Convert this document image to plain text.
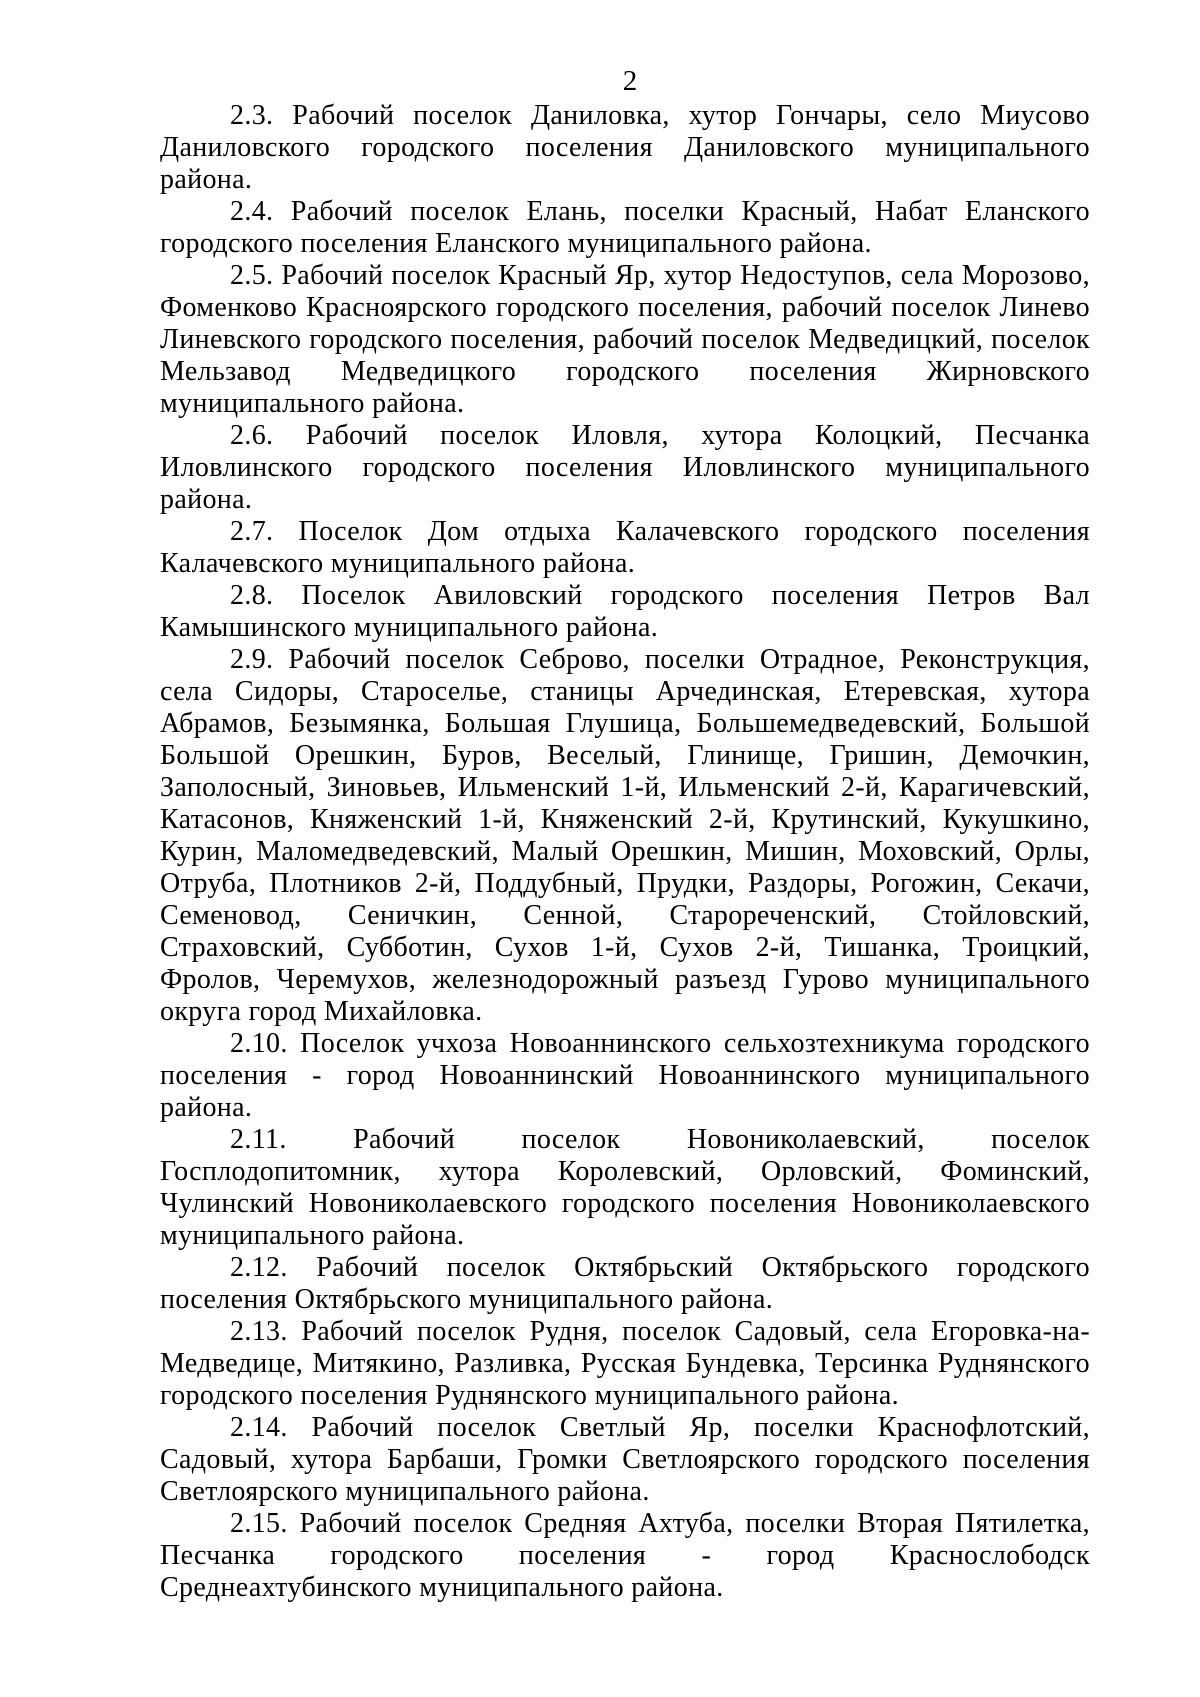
2

2.3. Рабочий поселок Даниловка, хутор Гончары, село Миусово Даниловского городского поселения Даниловского муниципального района.

2.4. Рабочий поселок Елань, поселки Красный, Набат Еланского городского поселения Еланского муниципального района.

2.5. Рабочий поселок Красный Яр, хутор Недоступов, села Морозово, Фоменково Красноярского городского поселения, рабочий поселок Линево Линевского городского поселения, рабочий поселок Медведицкий, поселок Мельзавод Медведицкого городского поселения Жирновского муниципального района.

2.6. Рабочий поселок Иловля, хутора Колоцкий, Песчанка Иловлинского городского поселения Иловлинского муниципального района.

2.7. Поселок Дом отдыха Калачевского городского поселения Калачевского муниципального района.

2.8. Поселок Авиловский городского поселения Петров Вал Камышинского муниципального района.

2.9. Рабочий поселок Себрово, поселки Отрадное, Реконструкция, села Сидоры, Староселье, станицы Арчединская, Етеревская, хутора Абрамов, Безымянка, Большая Глушица, Большемедведевский, Большой Большой Орешкин, Буров, Веселый, Глинище, Гришин, Демочкин, Заполосный, Зиновьев, Ильменский 1-й, Ильменский 2-й, Карагичевский, Катасонов, Княженский 1-й, Княженский 2-й, Крутинский, Кукушкино, Курин, Маломедведевский, Малый Орешкин, Мишин, Моховский, Орлы, Отруба, Плотников 2-й, Поддубный, Прудки, Раздоры, Рогожин, Секачи, Семеновод, Сеничкин, Сенной, Старореченский, Стойловский, Страховский, Субботин, Сухов 1-й, Сухов 2-й, Тишанка, Троицкий, Фролов, Черемухов, железнодорожный разъезд Гурово муниципального округа город Михайловка.

2.10. Поселок учхоза Новоаннинского сельхозтехникума городского поселения - город Новоаннинский Новоаннинского муниципального района.

2.11. Рабочий поселок Новониколаевский, поселок Госплодопитомник, хутора Королевский, Орловский, Фоминский, Чулинский Новониколаевского городского поселения Новониколаевского муниципального района.

2.12. Рабочий поселок Октябрьский Октябрьского городского поселения Октябрьского муниципального района.

2.13. Рабочий поселок Рудня, поселок Садовый, села Егоровка-на-Медведице, Митякино, Разливка, Русская Бундевка, Терсинка Руднянского городского поселения Руднянского муниципального района.

2.14. Рабочий поселок Светлый Яр, поселки Краснофлотский, Садовый, хутора Барбаши, Громки Светлоярского городского поселения Светлоярского муниципального района.

2.15. Рабочий поселок Средняя Ахтуба, поселки Вторая Пятилетка, Песчанка городского поселения - город Краснослободск Среднеахтубинского муниципального района.
